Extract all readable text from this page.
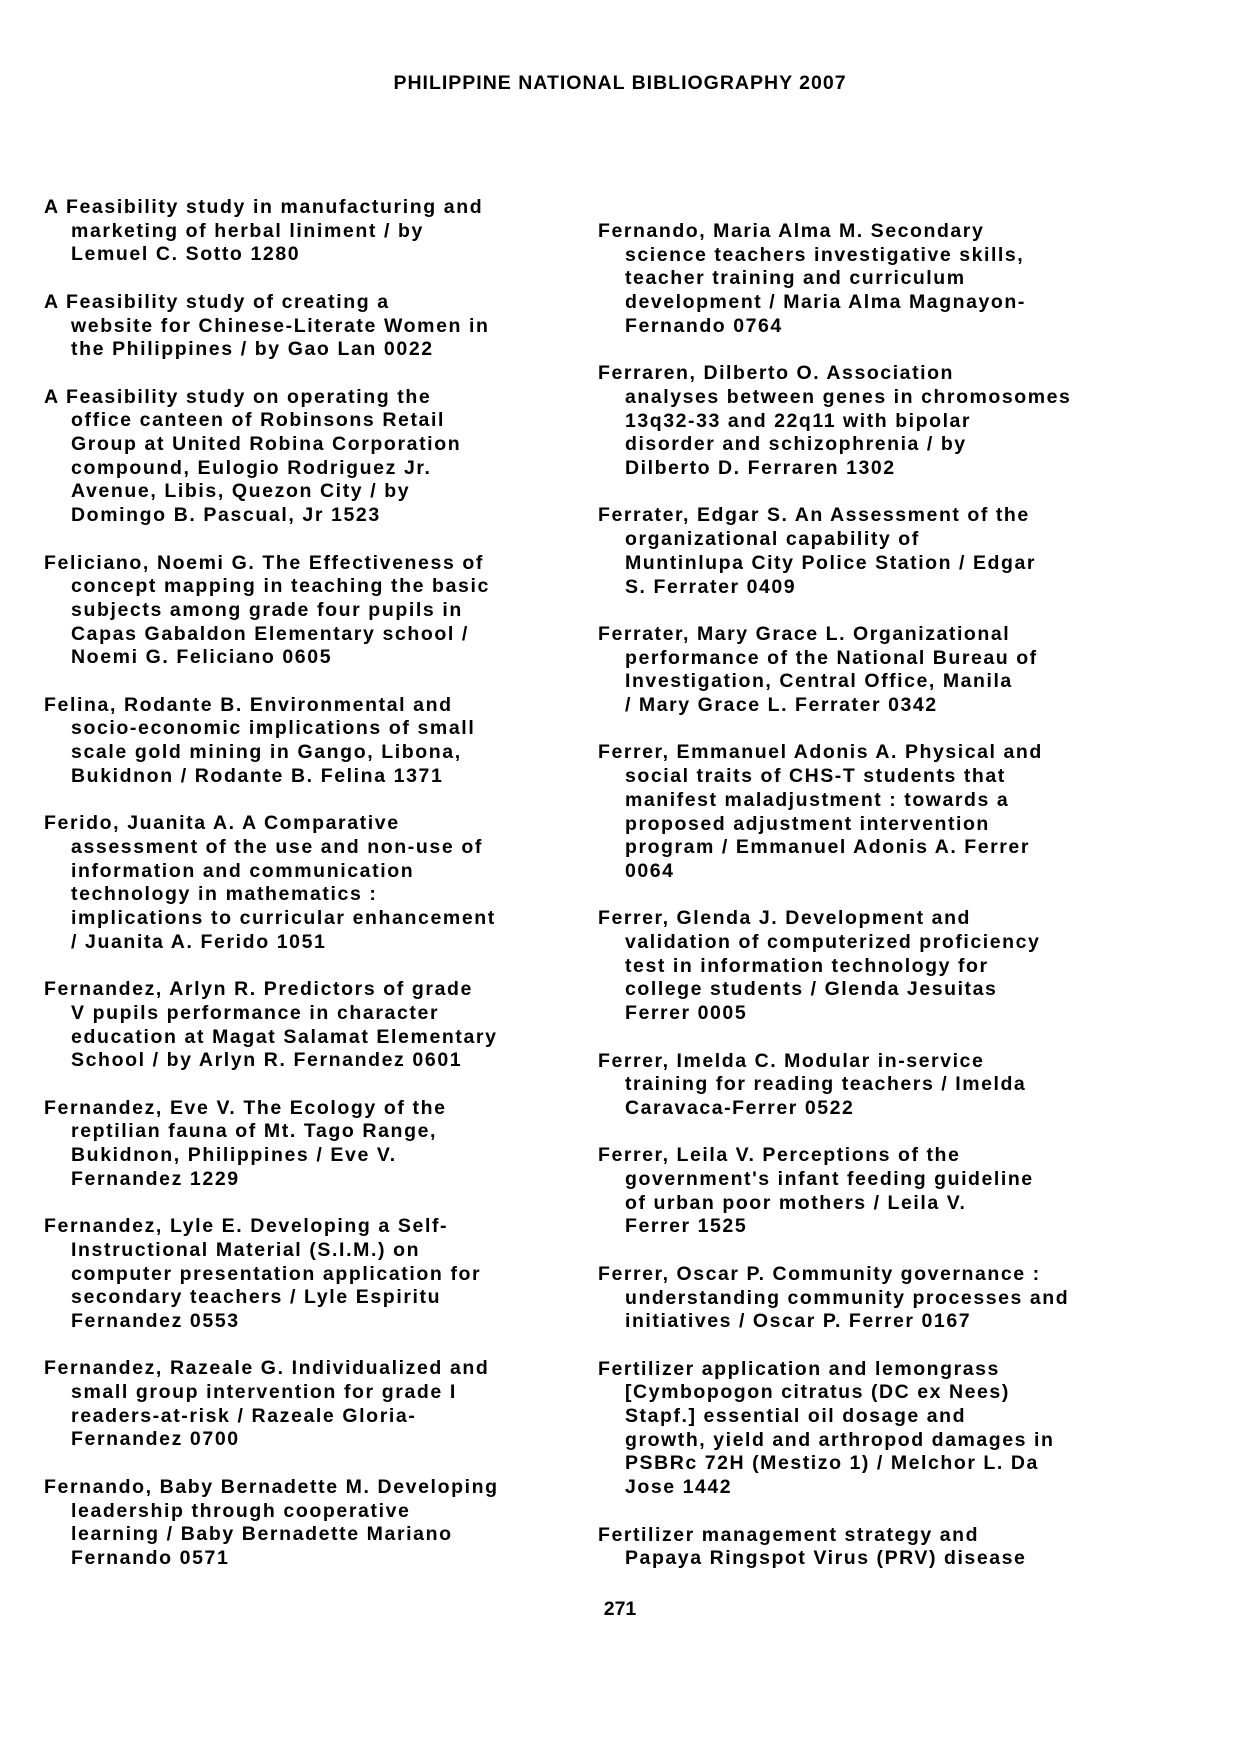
PHILIPPINE NATIONAL BIBLIOGRAPHY 2007

A Feasibility study in manufacturing and
marketing of herbal liniment / by
Lemuel C. Sotto 1280

A Feasibility study of creating a
website for Chinese-Literate Women in
the Philippines / by Gao Lan 0022

A Feasibility study on operating the
office canteen of Robinsons Retail
Group at United Robina Corporation
compound, Eulogio Rodriguez Jr.
Avenue, Libis, Quezon City / by
Domingo B. Pascual, Jr 1523

Feliciano, Noemi G. The Effectiveness of
concept mapping in teaching the basic
subjects among grade four pupils in
Capas Gabaldon Elementary school /
Noemi G. Feliciano 0605

Felina, Rodante B. Environmental and
socio-economic implications of small
scale gold mining in Gango, Libona,
Bukidnon / Rodante B. Felina 1371

Ferido, Juanita A. A Comparative
assessment of the use and non-use of
information and communication
technology in mathematics :
implications to curricular enhancement
/ Juanita A. Ferido 1051

Fernandez, Arlyn R. Predictors of grade
V pupils performance in character
education at Magat Salamat Elementary
School / by Arlyn R. Fernandez 0601

Fernandez, Eve V. The Ecology of the
reptilian fauna of Mt. Tago Range,
Bukidnon, Philippines / Eve V.
Fernandez 1229

Fernandez, Lyle E. Developing a Self-
Instructional Material (S.I.M.) on
computer presentation application for
secondary teachers / Lyle Espiritu
Fernandez 0553

Fernandez, Razeale G. Individualized and
small group intervention for grade I
readers-at-risk / Razeale Gloria-
Fernandez 0700

Fernando, Baby Bernadette M. Developing
leadership through cooperative
learning / Baby Bernadette Mariano
Fernando 0571

Fernando, Maria Alma M. Secondary
science teachers investigative skills,
teacher training and curriculum
development / Maria Alma Magnayon-
Fernando 0764

Ferraren, Dilberto O. Association
analyses between genes in chromosomes
13q32-33 and 22q11 with bipolar
disorder and schizophrenia / by
Dilberto D. Ferraren 1302

Ferrater, Edgar S. An Assessment of the
organizational capability of
Muntinlupa City Police Station / Edgar
S. Ferrater 0409

Ferrater, Mary Grace L. Organizational
performance of the National Bureau of
Investigation, Central Office, Manila
/ Mary Grace L. Ferrater 0342

Ferrer, Emmanuel Adonis A. Physical and
social traits of CHS-T students that
manifest maladjustment : towards a
proposed adjustment intervention
program / Emmanuel Adonis A. Ferrer
0064

Ferrer, Glenda J. Development and
validation of computerized proficiency
test in information technology for
college students / Glenda Jesuitas
Ferrer 0005

Ferrer, Imelda C. Modular in-service
training for reading teachers / Imelda
Caravaca-Ferrer 0522

Ferrer, Leila V. Perceptions of the
government's infant feeding guideline
of urban poor mothers / Leila V.
Ferrer 1525

Ferrer, Oscar P. Community governance :
understanding community processes and
initiatives / Oscar P. Ferrer 0167

Fertilizer application and lemongrass
[Cymbopogon citratus (DC ex Nees)
Stapf.] essential oil dosage and
growth, yield and arthropod damages in
PSBRc 72H (Mestizo 1) / Melchor L. Da
Jose 1442

Fertilizer management strategy and
Papaya Ringspot Virus (PRV) disease

271
